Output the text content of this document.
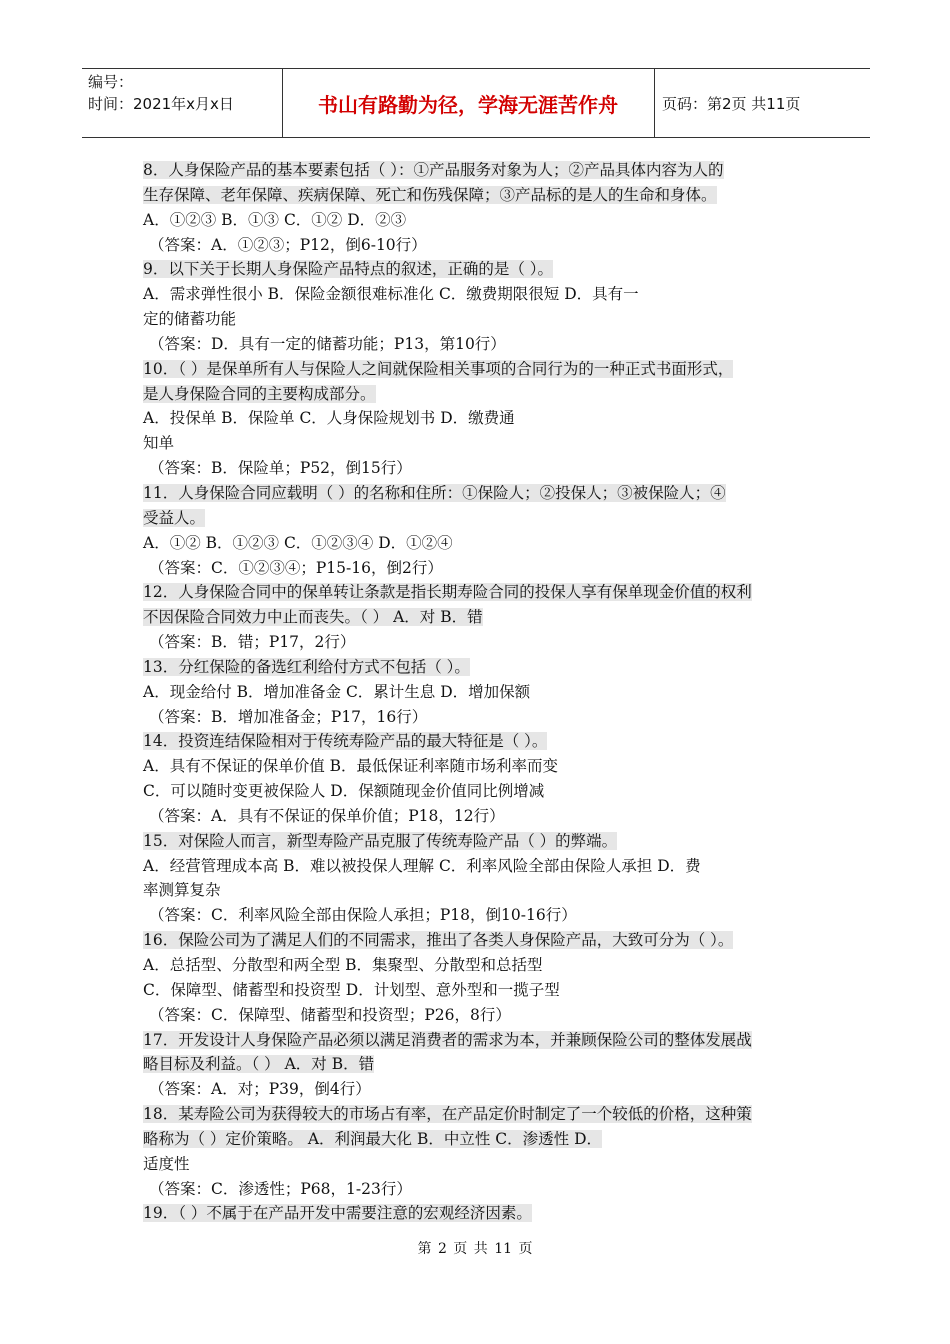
编号：
时间：2021年x月x日	书山有路勤为径，学海无涯苦作舟	页码：第2页 共11页
8．人身保险产品的基本要素包括（ ）：①产品服务对象为人；②产品具体内容为人的
生存保障、老年保障、疾病保障、死亡和伤残保障；③产品标的是人的生命和身体。
A．①②③ B．①③ C．①② D．②③
（答案：A．①②③；P12，倒6-10行）
9．以下关于长期人身保险产品特点的叙述，正确的是（ ）。
A．需求弹性很小 B．保险金额很难标准化 C．缴费期限很短 D．具有一
定的储蓄功能
（答案：D．具有一定的储蓄功能；P13，第10行）
10．（ ）是保单所有人与保险人之间就保险相关事项的合同行为的一种正式书面形式，
是人身保险合同的主要构成部分。
A．投保单 B．保险单 C．人身保险规划书 D．缴费通
知单
（答案：B．保险单；P52，倒15行）
11．人身保险合同应载明（ ）的名称和住所：①保险人；②投保人；③被保险人；④
受益人。
A．①② B．①②③ C．①②③④ D．①②④
（答案：C．①②③④；P15-16，倒2行）
12．人身保险合同中的保单转让条款是指长期寿险合同的投保人享有保单现金价值的权利
不因保险合同效力中止而丧失。（ ） A．对 B．错
（答案：B．错；P17，2行）
13．分红保险的备选红利给付方式不包括（ ）。
A．现金给付 B．增加准备金 C．累计生息 D．增加保额
（答案：B．增加准备金；P17，16行）
14．投资连结保险相对于传统寿险产品的最大特征是（ ）。
A．具有不保证的保单价值 B．最低保证利率随市场利率而变
C．可以随时变更被保险人 D．保额随现金价值同比例增减
（答案：A．具有不保证的保单价值；P18，12行）
15．对保险人而言，新型寿险产品克服了传统寿险产品（ ）的弊端。
A．经营管理成本高 B．难以被投保人理解 C．利率风险全部由保险人承担 D．费
率测算复杂
（答案：C．利率风险全部由保险人承担；P18，倒10-16行）
16．保险公司为了满足人们的不同需求，推出了各类人身保险产品，大致可分为（ ）。
A．总括型、分散型和两全型 B．集聚型、分散型和总括型
C．保障型、储蓄型和投资型 D．计划型、意外型和一揽子型
（答案：C．保障型、储蓄型和投资型；P26，8行）
17．开发设计人身保险产品必须以满足消费者的需求为本，并兼顾保险公司的整体发展战
略目标及利益。（ ） A．对 B．错
（答案：A．对；P39，倒4行）
18．某寿险公司为获得较大的市场占有率，在产品定价时制定了一个较低的价格，这种策
略称为（ ）定价策略。 A．利润最大化 B．中立性 C．渗透性 D．
适度性
（答案：C．渗透性；P68，1-23行）
19．（ ）不属于在产品开发中需要注意的宏观经济因素。
第 2 页 共 11 页
